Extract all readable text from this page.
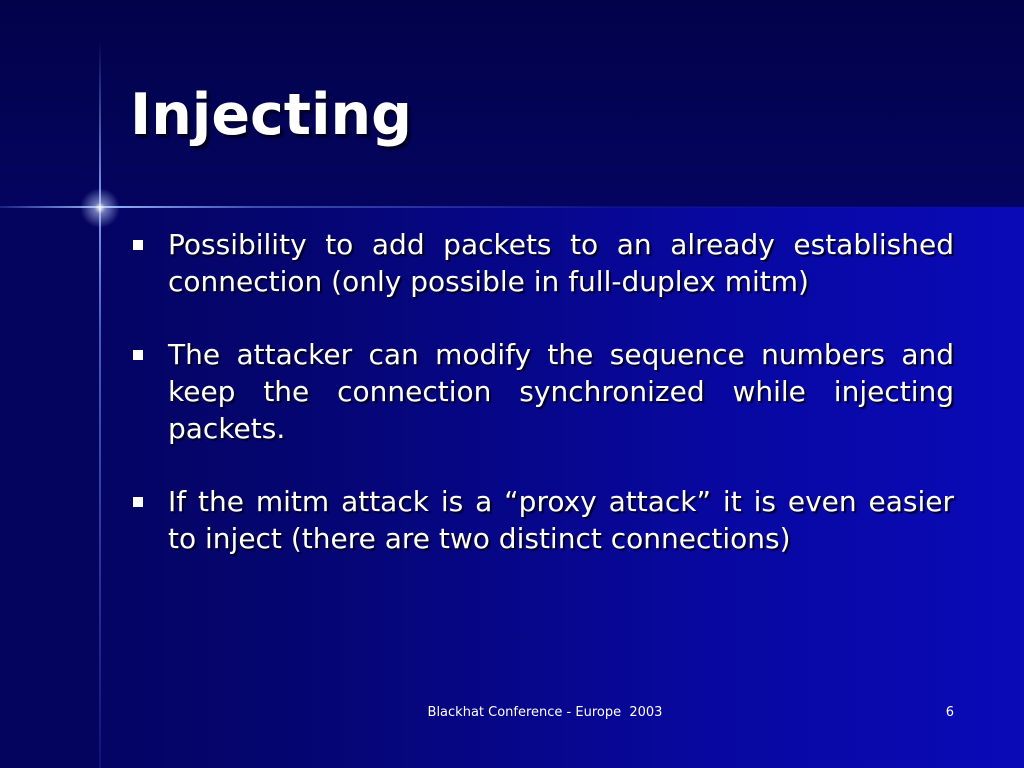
Injecting
Possibility to add packets to an already established connection (only possible in full-duplex mitm)
The attacker can modify the sequence numbers and keep the connection synchronized while injecting packets.
If the mitm attack is a “proxy attack” it is even easier to inject (there are two distinct connections)
Blackhat Conference - Europe  2003	6
